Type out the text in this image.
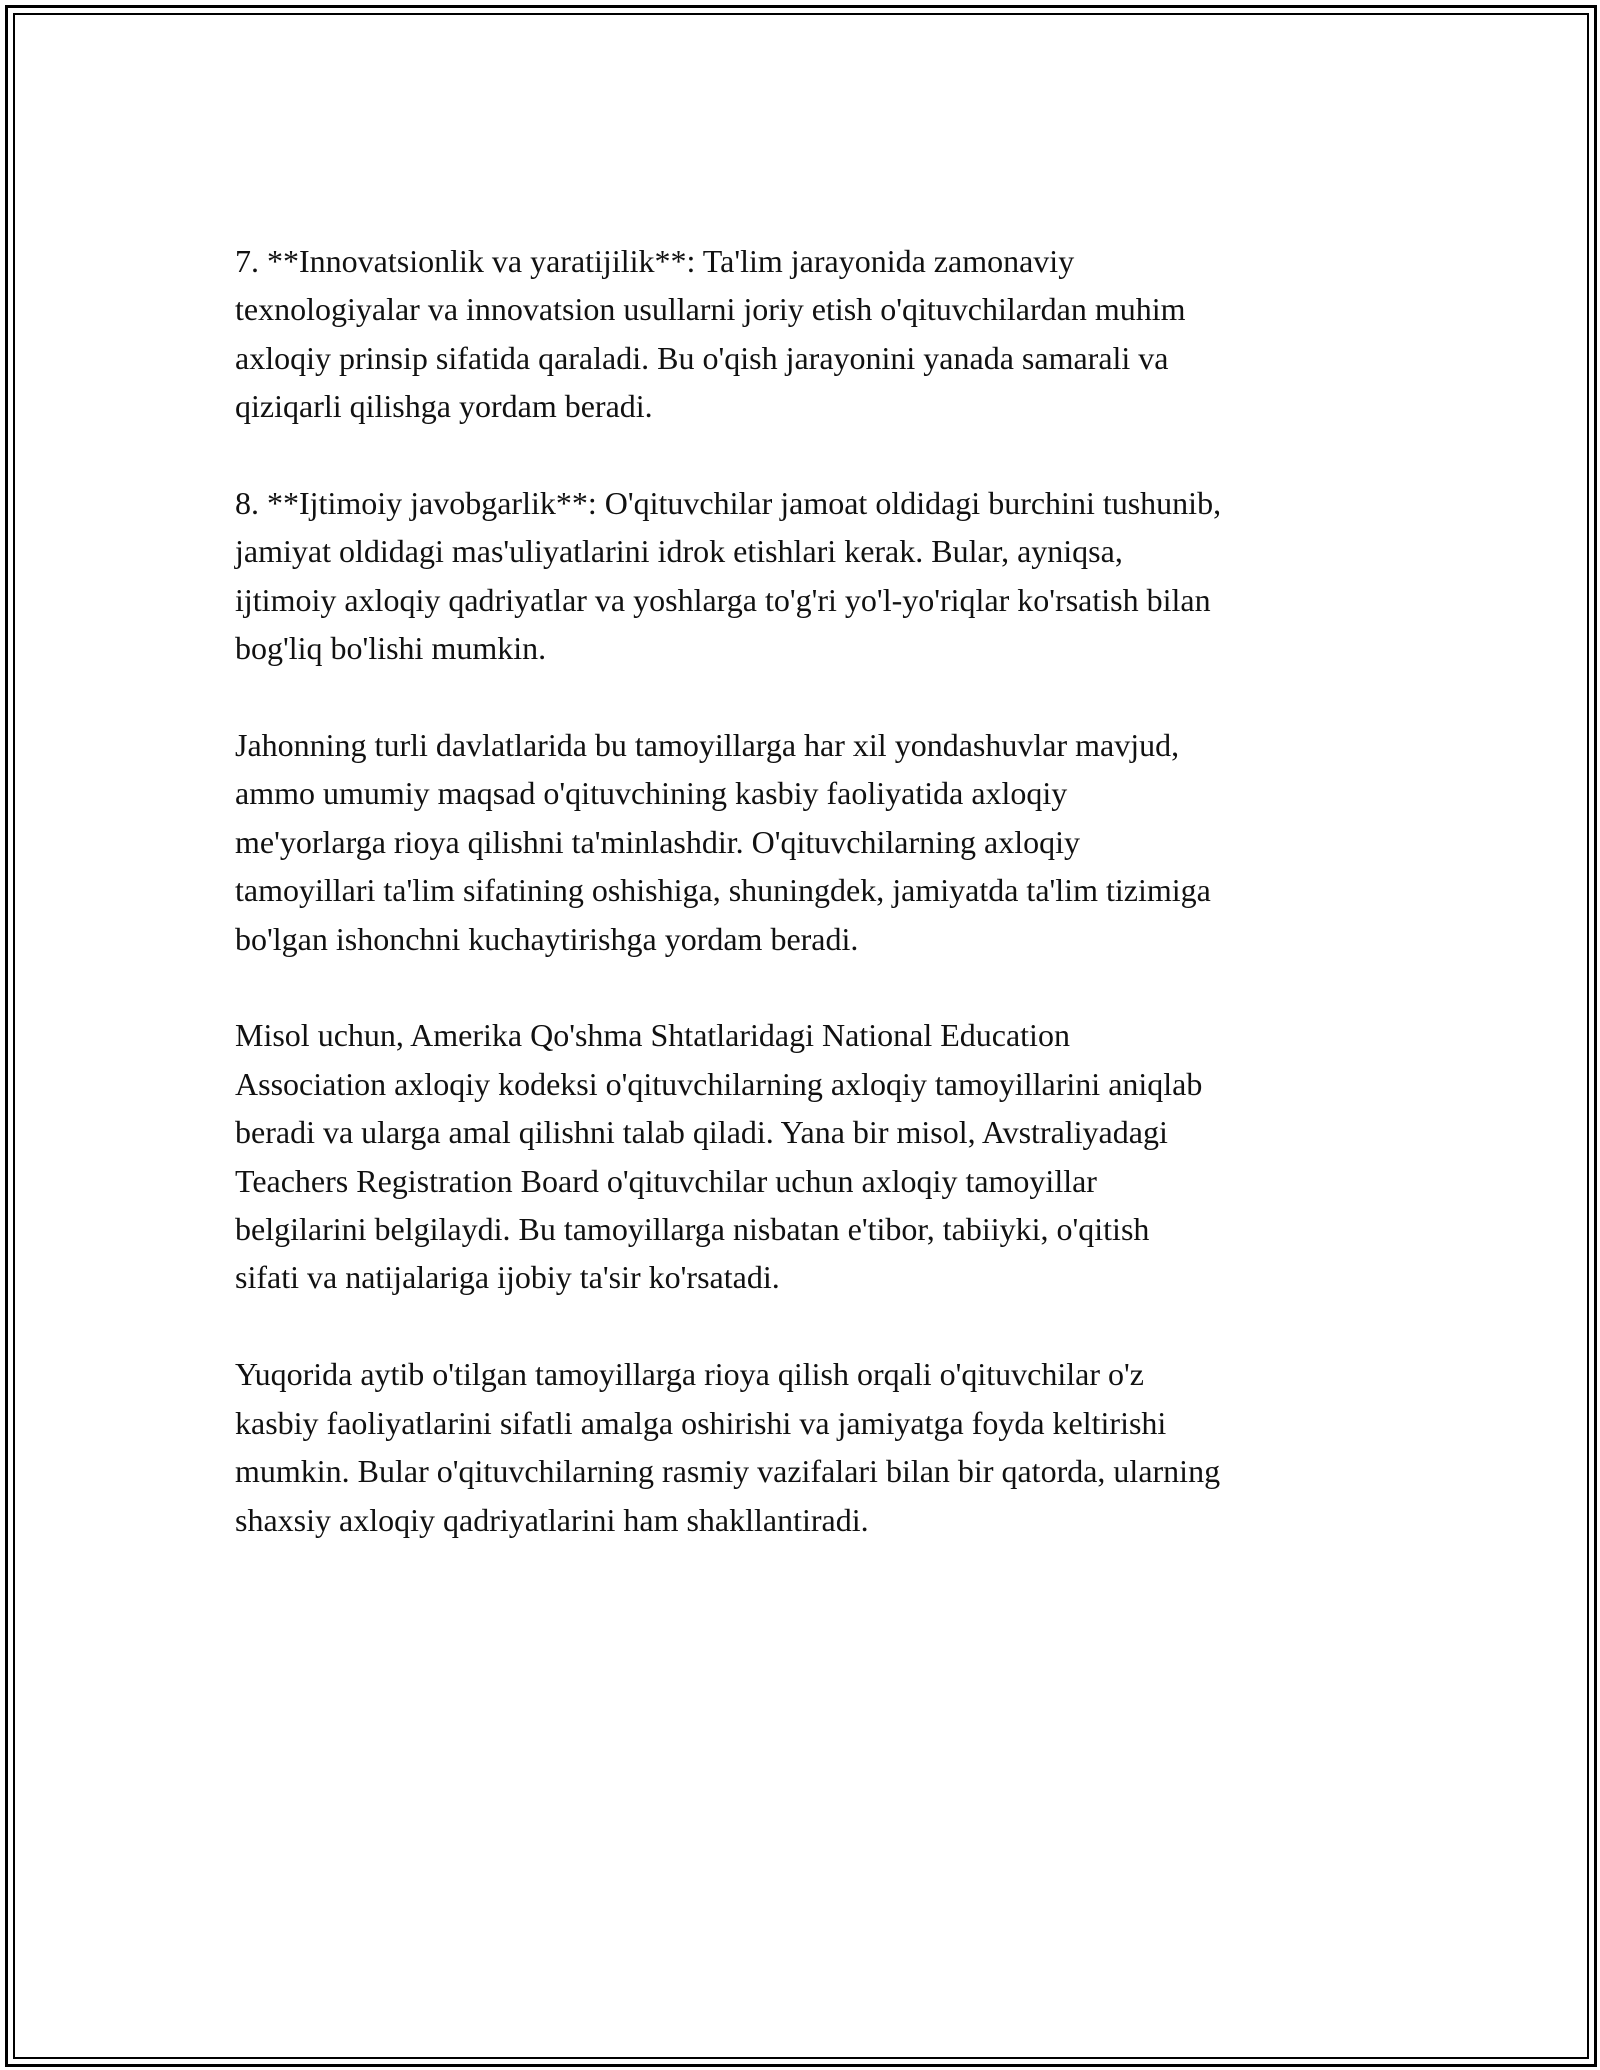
7. **Innovatsionlik va yaratijilik**: Ta'lim jarayonida zamonaviy
texnologiyalar va innovatsion usullarni joriy etish o'qituvchilardan muhim
axloqiy prinsip sifatida qaraladi. Bu o'qish jarayonini yanada samarali va
qiziqarli qilishga yordam beradi.
8. **Ijtimoiy javobgarlik**: O'qituvchilar jamoat oldidagi burchini tushunib,
jamiyat oldidagi mas'uliyatlarini idrok etishlari kerak. Bular, ayniqsa,
ijtimoiy axloqiy qadriyatlar va yoshlarga to'g'ri yo'l-yo'riqlar ko'rsatish bilan
bog'liq bo'lishi mumkin.
Jahonning turli davlatlarida bu tamoyillarga har xil yondashuvlar mavjud,
ammo umumiy maqsad o'qituvchining kasbiy faoliyatida axloqiy
me'yorlarga rioya qilishni ta'minlashdir. O'qituvchilarning axloqiy
tamoyillari ta'lim sifatining oshishiga, shuningdek, jamiyatda ta'lim tizimiga
bo'lgan ishonchni kuchaytirishga yordam beradi.
Misol uchun, Amerika Qo'shma Shtatlaridagi National Education
Association axloqiy kodeksi o'qituvchilarning axloqiy tamoyillarini aniqlab
beradi va ularga amal qilishni talab qiladi. Yana bir misol, Avstraliyadagi
Teachers Registration Board o'qituvchilar uchun axloqiy tamoyillar
belgilarini belgilaydi. Bu tamoyillarga nisbatan e'tibor, tabiiyki, o'qitish
sifati va natijalariga ijobiy ta'sir ko'rsatadi.
Yuqorida aytib o'tilgan tamoyillarga rioya qilish orqali o'qituvchilar o'z
kasbiy faoliyatlarini sifatli amalga oshirishi va jamiyatga foyda keltirishi
mumkin. Bular o'qituvchilarning rasmiy vazifalari bilan bir qatorda, ularning
shaxsiy axloqiy qadriyatlarini ham shakllantiradi.
